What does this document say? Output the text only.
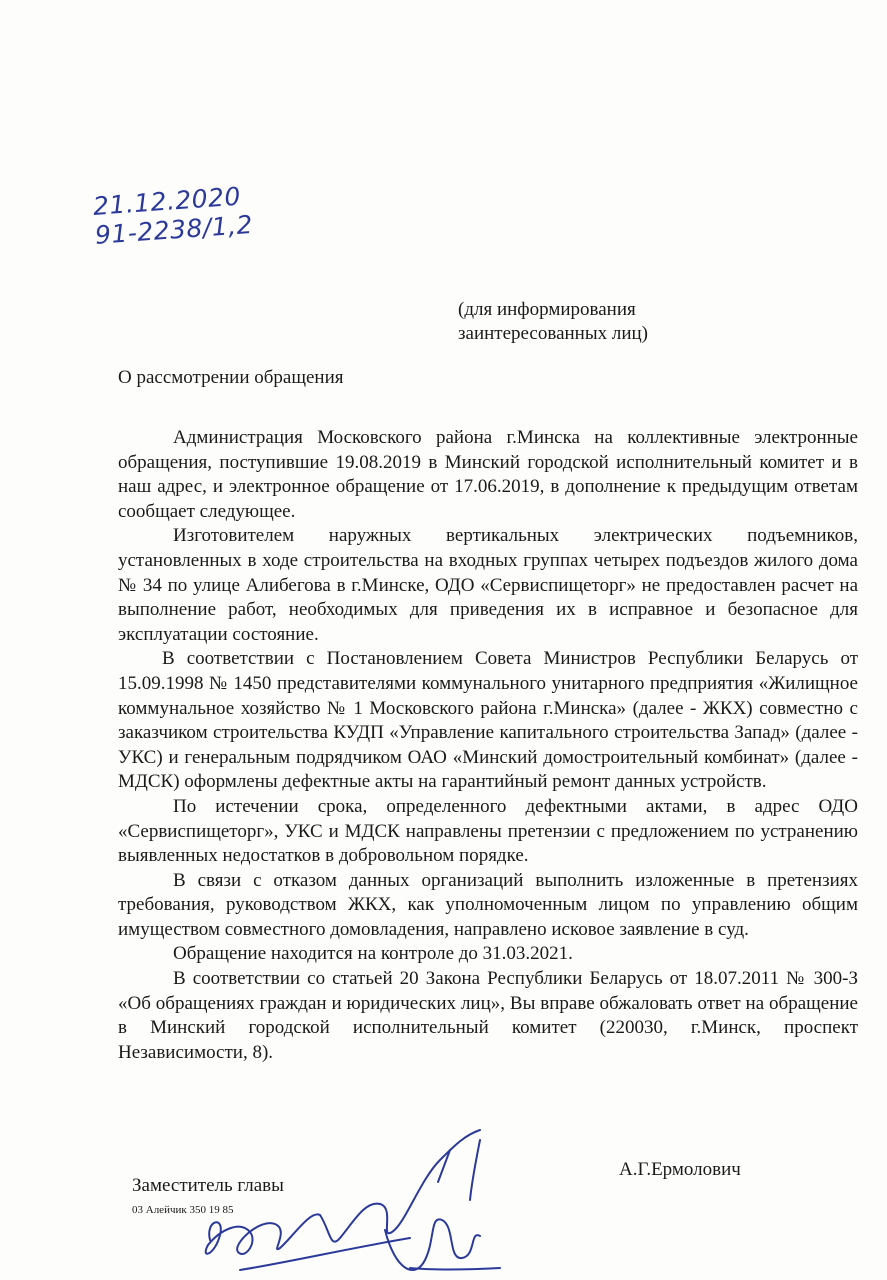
21.12.2020
91-2238/1,2
(для информирования
заинтересованных лиц)
О рассмотрении обращения

Администрация Московского района г.Минска на коллективные электронные обращения, поступившие 19.08.2019 в Минский городской исполнительный комитет и в наш адрес, и электронное обращение от 17.06.2019, в дополнение к предыдущим ответам сообщает следующее.

Изготовителем наружных вертикальных электрических подъемников, установленных в ходе строительства на входных группах четырех подъездов жилого дома № 34 по улице Алибегова в г.Минске, ОДО «Сервиспищеторг» не предоставлен расчет на выполнение работ, необходимых для приведения их в исправное и безопасное для эксплуатации состояние.

В соответствии с Постановлением Совета Министров Республики Беларусь от 15.09.1998 № 1450 представителями коммунального унитарного предприятия «Жилищное коммунальное хозяйство № 1 Московского района г.Минска» (далее - ЖКХ) совместно с заказчиком строительства КУДП «Управление капитального строительства Запад» (далее - УКС) и генеральным подрядчиком ОАО «Минский домостроительный комбинат» (далее - МДСК) оформлены дефектные акты на гарантийный ремонт данных устройств.

По истечении срока, определенного дефектными актами, в адрес ОДО «Сервиспищеторг», УКС и МДСК направлены претензии с предложением по устранению выявленных недостатков в добровольном порядке.

В связи с отказом данных организаций выполнить изложенные в претензиях требования, руководством ЖКХ, как уполномоченным лицом по управлению общим имуществом совместного домовладения, направлено исковое заявление в суд.

Обращение находится на контроле до 31.03.2021.

В соответствии со статьей 20 Закона Республики Беларусь от 18.07.2011 № 300-З «Об обращениях граждан и юридических лиц», Вы вправе обжаловать ответ на обращение в Минский городской исполнительный комитет (220030, г.Минск, проспект Независимости, 8).

А.Г.Ермолович
Заместитель главы
03 Алейчик 350 19 85
